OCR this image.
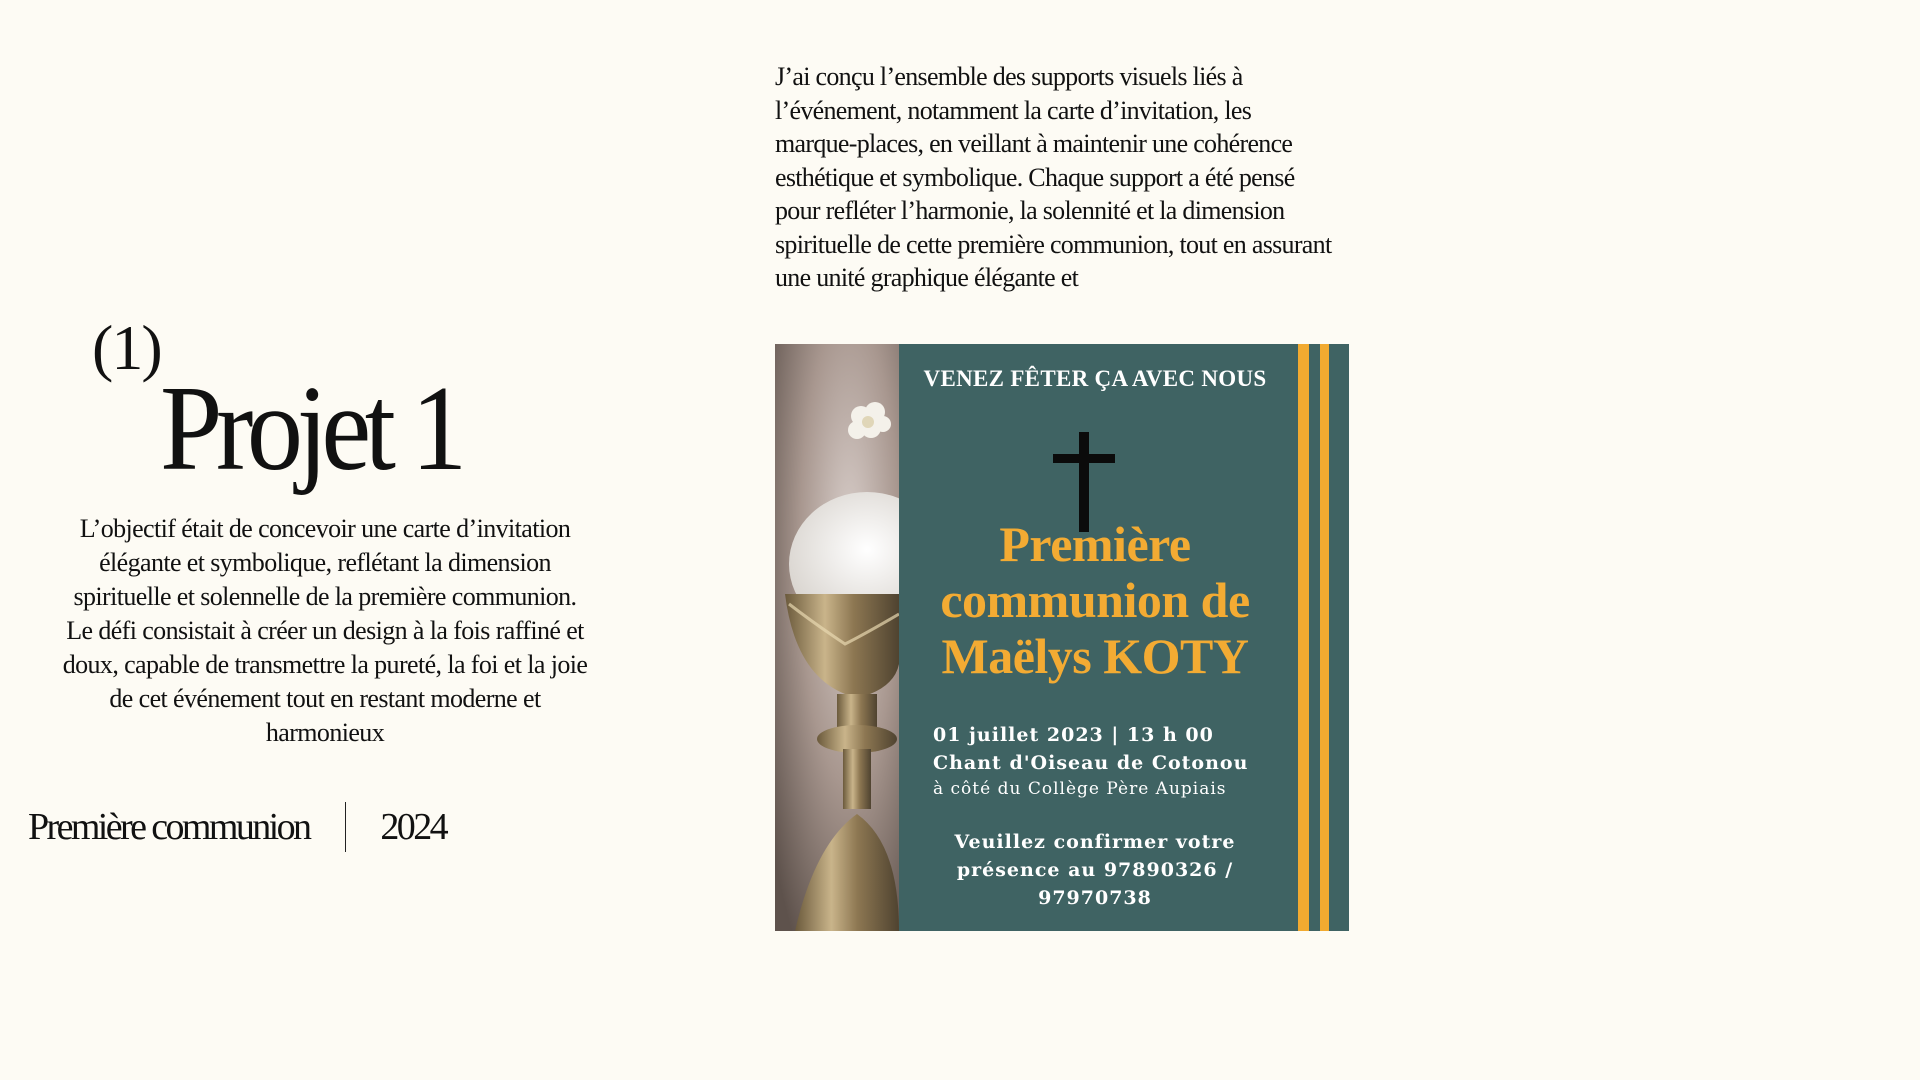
(1)
Projet 1
L’objectif était de concevoir une carte d’invitation élégante et symbolique, reflétant la dimension spirituelle et solennelle de la première communion. Le défi consistait à créer un design à la fois raffiné et doux, capable de transmettre la pureté, la foi et la joie de cet événement tout en restant moderne et harmonieux
Première communion 2024
J’ai conçu l’ensemble des supports visuels liés à l’événement, notamment la carte d’invitation, les marque-places, en veillant à maintenir une cohérence esthétique et symbolique. Chaque support a été pensé pour refléter l’harmonie, la solennité et la dimension spirituelle de cette première communion, tout en assurant une unité graphique élégante et
VENEZ FÊTER ÇA AVEC NOUS
Première
communion de
Maëlys KOTY
01 juillet 2023 | 13 h 00
Chant d'Oiseau de Cotonou
à côté du Collège Père Aupiais
Veuillez confirmer votre
présence au 97890326 /
97970738
